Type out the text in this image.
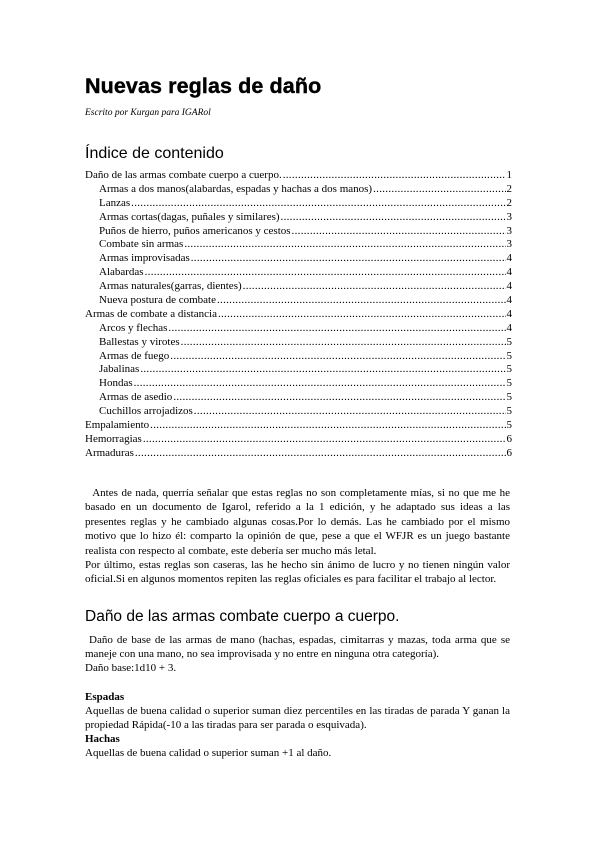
Nuevas reglas de daño
Escrito por Kurgan para IGARol
Índice de contenido
Daño de las armas combate cuerpo a cuerpo. .....	1
Armas a dos manos(alabardas, espadas y hachas a dos manos) .....	2
Lanzas .....	2
Armas cortas(dagas, puñales y similares) .....	3
Puños de hierro, puños americanos y cestos .....	3
Combate sin armas .....	3
Armas improvisadas .....	4
Alabardas .....	4
Armas naturales(garras, dientes) .....	4
Nueva postura de combate .....	4
Armas de combate a distancia .....	4
Arcos y flechas .....	4
Ballestas y virotes .....	5
Armas de fuego .....	5
Jabalinas .....	5
Hondas .....	5
Armas de asedio .....	5
Cuchillos arrojadizos .....	5
Empalamiento .....	5
Hemorragias .....	6
Armaduras .....	6

Antes de nada, querría señalar que estas reglas no son completamente mías, si no que me he basado en un documento de Igarol, referido a la 1 edición, y he adaptado sus ideas a las presentes reglas y he cambiado algunas cosas.Por lo demás. Las he cambiado por el mismo motivo que lo hizo él: comparto la opinión de que, pese a que el WFJR es un juego bastante realista con respecto al combate, este debería ser mucho más letal.

Por último, estas reglas son caseras, las he hecho sin ánimo de lucro y no tienen ningún valor oficial.Si en algunos momentos repiten las reglas oficiales es para facilitar el trabajo al lector.

Daño de las armas combate cuerpo a cuerpo.

Daño de base de las armas de mano (hachas, espadas, cimitarras y mazas, toda arma que se maneje con una mano, no sea improvisada y no entre en ninguna otra categoría).

Daño base:1d10 + 3.

Espadas

Aquellas de buena calidad o superior suman diez percentiles en las tiradas de parada Y ganan la propiedad Rápida(-10 a las tiradas para ser parada o esquivada).

Hachas

Aquellas de buena calidad o superior suman +1 al daño.
